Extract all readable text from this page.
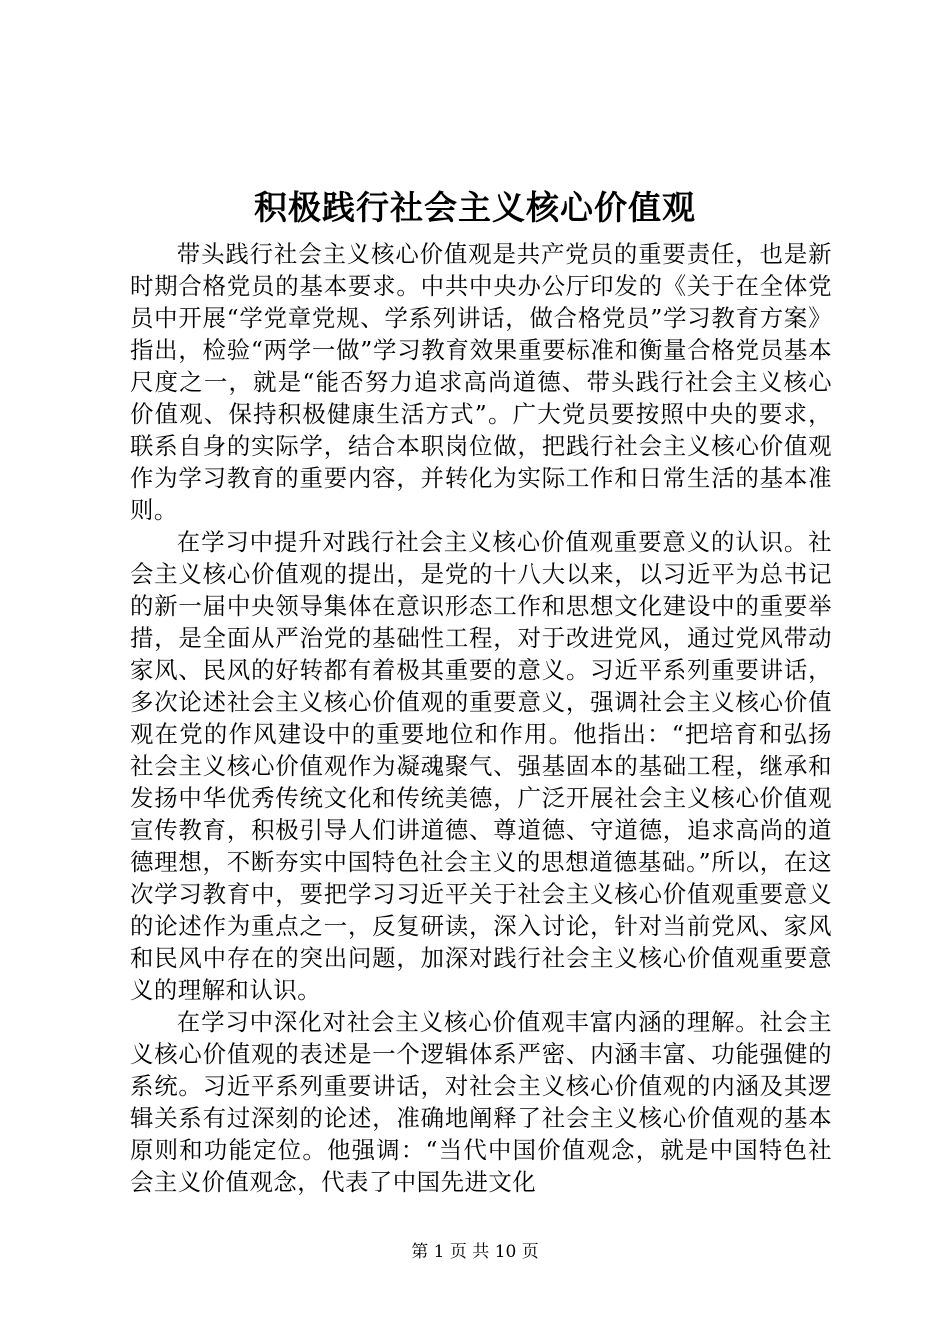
积极践行社会主义核心价值观

带头践行社会主义核心价值观是共产党员的重要责任，也是新时期合格党员的基本要求。中共中央办公厅印发的《关于在全体党员中开展“学党章党规、学系列讲话，做合格党员”学习教育方案》指出，检验“两学一做”学习教育效果重要标准和衡量合格党员基本尺度之一，就是“能否努力追求高尚道德、带头践行社会主义核心价值观、保持积极健康生活方式”。广大党员要按照中央的要求，联系自身的实际学，结合本职岗位做，把践行社会主义核心价值观作为学习教育的重要内容，并转化为实际工作和日常生活的基本准则。

在学习中提升对践行社会主义核心价值观重要意义的认识。社会主义核心价值观的提出，是党的十八大以来，以习近平为总书记的新一届中央领导集体在意识形态工作和思想文化建设中的重要举措，是全面从严治党的基础性工程，对于改进党风，通过党风带动家风、民风的好转都有着极其重要的意义。习近平系列重要讲话，多次论述社会主义核心价值观的重要意义，强调社会主义核心价值观在党的作风建设中的重要地位和作用。他指出：“把培育和弘扬社会主义核心价值观作为凝魂聚气、强基固本的基础工程，继承和发扬中华优秀传统文化和传统美德，广泛开展社会主义核心价值观宣传教育，积极引导人们讲道德、尊道德、守道德，追求高尚的道德理想，不断夯实中国特色社会主义的思想道德基础。”所以，在这次学习教育中，要把学习习近平关于社会主义核心价值观重要意义的论述作为重点之一，反复研读，深入讨论，针对当前党风、家风和民风中存在的突出问题，加深对践行社会主义核心价值观重要意义的理解和认识。

在学习中深化对社会主义核心价值观丰富内涵的理解。社会主义核心价值观的表述是一个逻辑体系严密、内涵丰富、功能强健的系统。习近平系列重要讲话，对社会主义核心价值观的内涵及其逻辑关系有过深刻的论述，准确地阐释了社会主义核心价值观的基本原则和功能定位。他强调：“当代中国价值观念，就是中国特色社会主义价值观念，代表了中国先进文化

第 1 页 共 10 页
